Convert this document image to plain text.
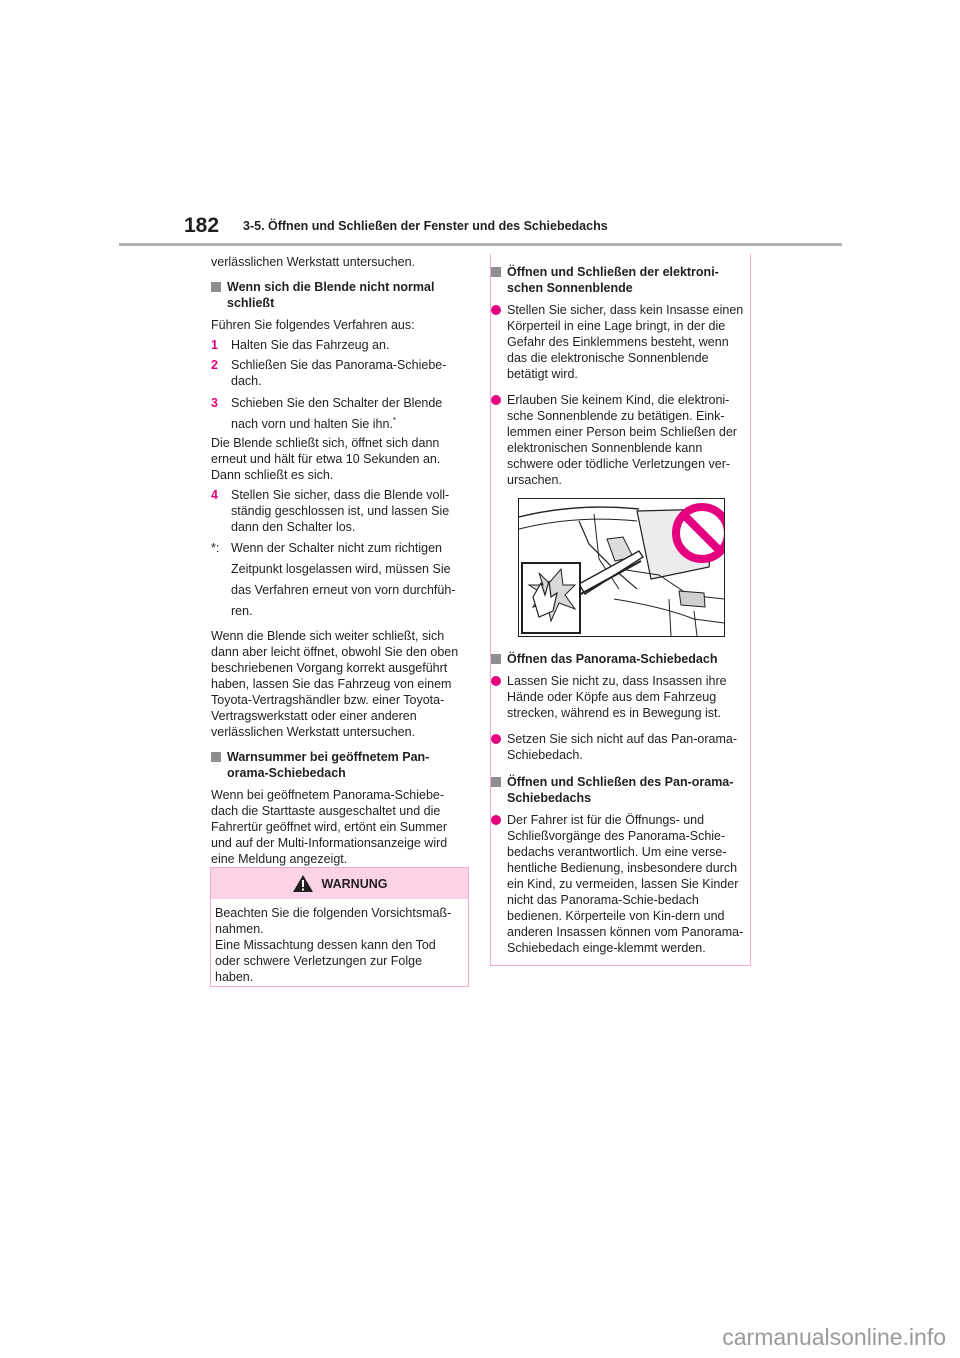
182 3-5. Öffnen und Schließen der Fenster und des Schiebedachs

verlässlichen Werkstatt untersuchen.

Wenn sich die Blende nicht normal schließt

Führen Sie folgendes Verfahren aus:

1	Halten Sie das Fahrzeug an.
2	Schließen Sie das Panorama-Schiebe-dach.
3	Schieben Sie den Schalter der Blende nach vorn und halten Sie ihn.*

Die Blende schließt sich, öffnet sich dann erneut und hält für etwa 10 Sekunden an. Dann schließt es sich.

4	Stellen Sie sicher, dass die Blende voll-ständig geschlossen ist, und lassen Sie dann den Schalter los.
*: Wenn der Schalter nicht zum richtigen Zeitpunkt losgelassen wird, müssen Sie das Verfahren erneut von vorn durchfüh-ren.

Wenn die Blende sich weiter schließt, sich dann aber leicht öffnet, obwohl Sie den oben beschriebenen Vorgang korrekt ausgeführt haben, lassen Sie das Fahrzeug von einem Toyota-Vertragshändler bzw. einer Toyota-Vertragswerkstatt oder einer anderen verlässlichen Werkstatt untersuchen.

Warnsummer bei geöffnetem Pan-orama-Schiebedach

Wenn bei geöffnetem Panorama-Schiebe-dach die Starttaste ausgeschaltet und die Fahrertür geöffnet wird, ertönt ein Summer und auf der Multi-Informationsanzeige wird eine Meldung angezeigt.

WARNUNG
Beachten Sie die folgenden Vorsichtsmaß-nahmen.
Eine Missachtung dessen kann den Tod oder schwere Verletzungen zur Folge haben.
Öffnen und Schließen der elektroni-schen Sonnenblende
Stellen Sie sicher, dass kein Insasse einen Körperteil in eine Lage bringt, in der die Gefahr des Einklemmens besteht, wenn das die elektronische Sonnenblende betätigt wird.
Erlauben Sie keinem Kind, die elektroni-sche Sonnenblende zu betätigen. Eink-lemmen einer Person beim Schließen der elektronischen Sonnenblende kann schwere oder tödliche Verletzungen ver-ursachen.
Öffnen das Panorama-Schiebedach
Lassen Sie nicht zu, dass Insassen ihre Hände oder Köpfe aus dem Fahrzeug strecken, während es in Bewegung ist.
Setzen Sie sich nicht auf das Pan-orama-Schiebedach.
Öffnen und Schließen des Pan-orama-Schiebedachs
Der Fahrer ist für die Öffnungs- und Schließvorgänge des Panorama-Schie-bedachs verantwortlich. Um eine verse-hentliche Bedienung, insbesondere durch ein Kind, zu vermeiden, lassen Sie Kinder nicht das Panorama-Schie-bedach bedienen. Körperteile von Kin-dern und anderen Insassen können vom Panorama-Schiebedach einge-klemmt werden.
carmanualsonline.info
